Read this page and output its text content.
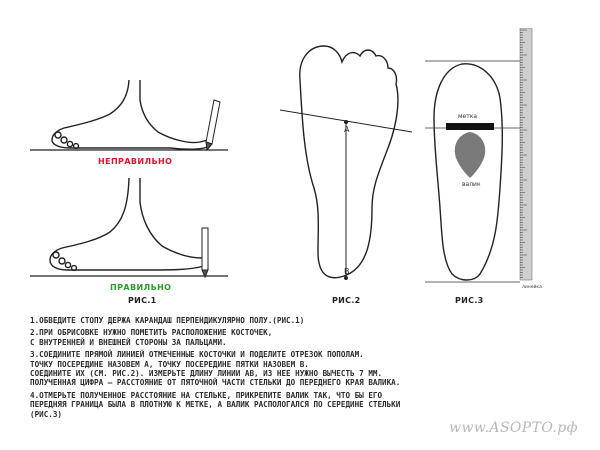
НЕПРАВИЛЬНО
ПРАВИЛЬНО
РИС.1
A
B
РИС.2
метка
валик
линейка
РИС.3

1.ОБВЕДИТЕ СТОПУ ДЕРЖА КАРАНДАШ ПЕРПЕНДИКУЛЯРНО ПОЛУ.(РИС.1)

2.ПРИ ОБРИСОВКЕ НУЖНО ПОМЕТИТЬ РАСПОЛОЖЕНИЕ КОСТОЧЕК,
С ВНУТРЕННЕЙ И ВНЕШНЕЙ СТОРОНЫ ЗА ПАЛЬЦАМИ.

3.СОЕДИНИТЕ ПРЯМОЙ ЛИНИЕЙ ОТМЕЧЕННЫЕ КОСТОЧКИ И ПОДЕЛИТЕ ОТРЕЗОК ПОПОЛАМ.
ТОЧКУ ПОСЕРЕДИНЕ НАЗОВЕМ A, ТОЧКУ ПОСЕРЕДИНЕ ПЯТКИ НАЗОВЕМ B.
СОЕДИНИТЕ ИХ (СМ. РИС.2). ИЗМЕРЬТЕ ДЛИНУ ЛИНИИ AB, ИЗ НЕЕ НУЖНО ВЫЧЕСТЬ 7 ММ.
ПОЛУЧЕННАЯ ЦИФРА — РАССТОЯНИЕ ОТ ПЯТОЧНОЙ ЧАСТИ СТЕЛЬКИ ДО ПЕРЕДНЕГО КРАЯ ВАЛИКА.

4.ОТМЕРЬТЕ ПОЛУЧЕННОЕ РАССТОЯНИЕ НА СТЕЛЬКЕ, ПРИКРЕПИТЕ ВАЛИК ТАК, ЧТО БЫ ЕГО
ПЕРЕДНЯЯ ГРАНИЦА БЫЛА В ПЛОТНУЮ К МЕТКЕ, А ВАЛИК РАСПОЛОГАЛСЯ ПО СЕРЕДИНЕ СТЕЛЬКИ
(РИС.3)

www.ASOPTO.рф
